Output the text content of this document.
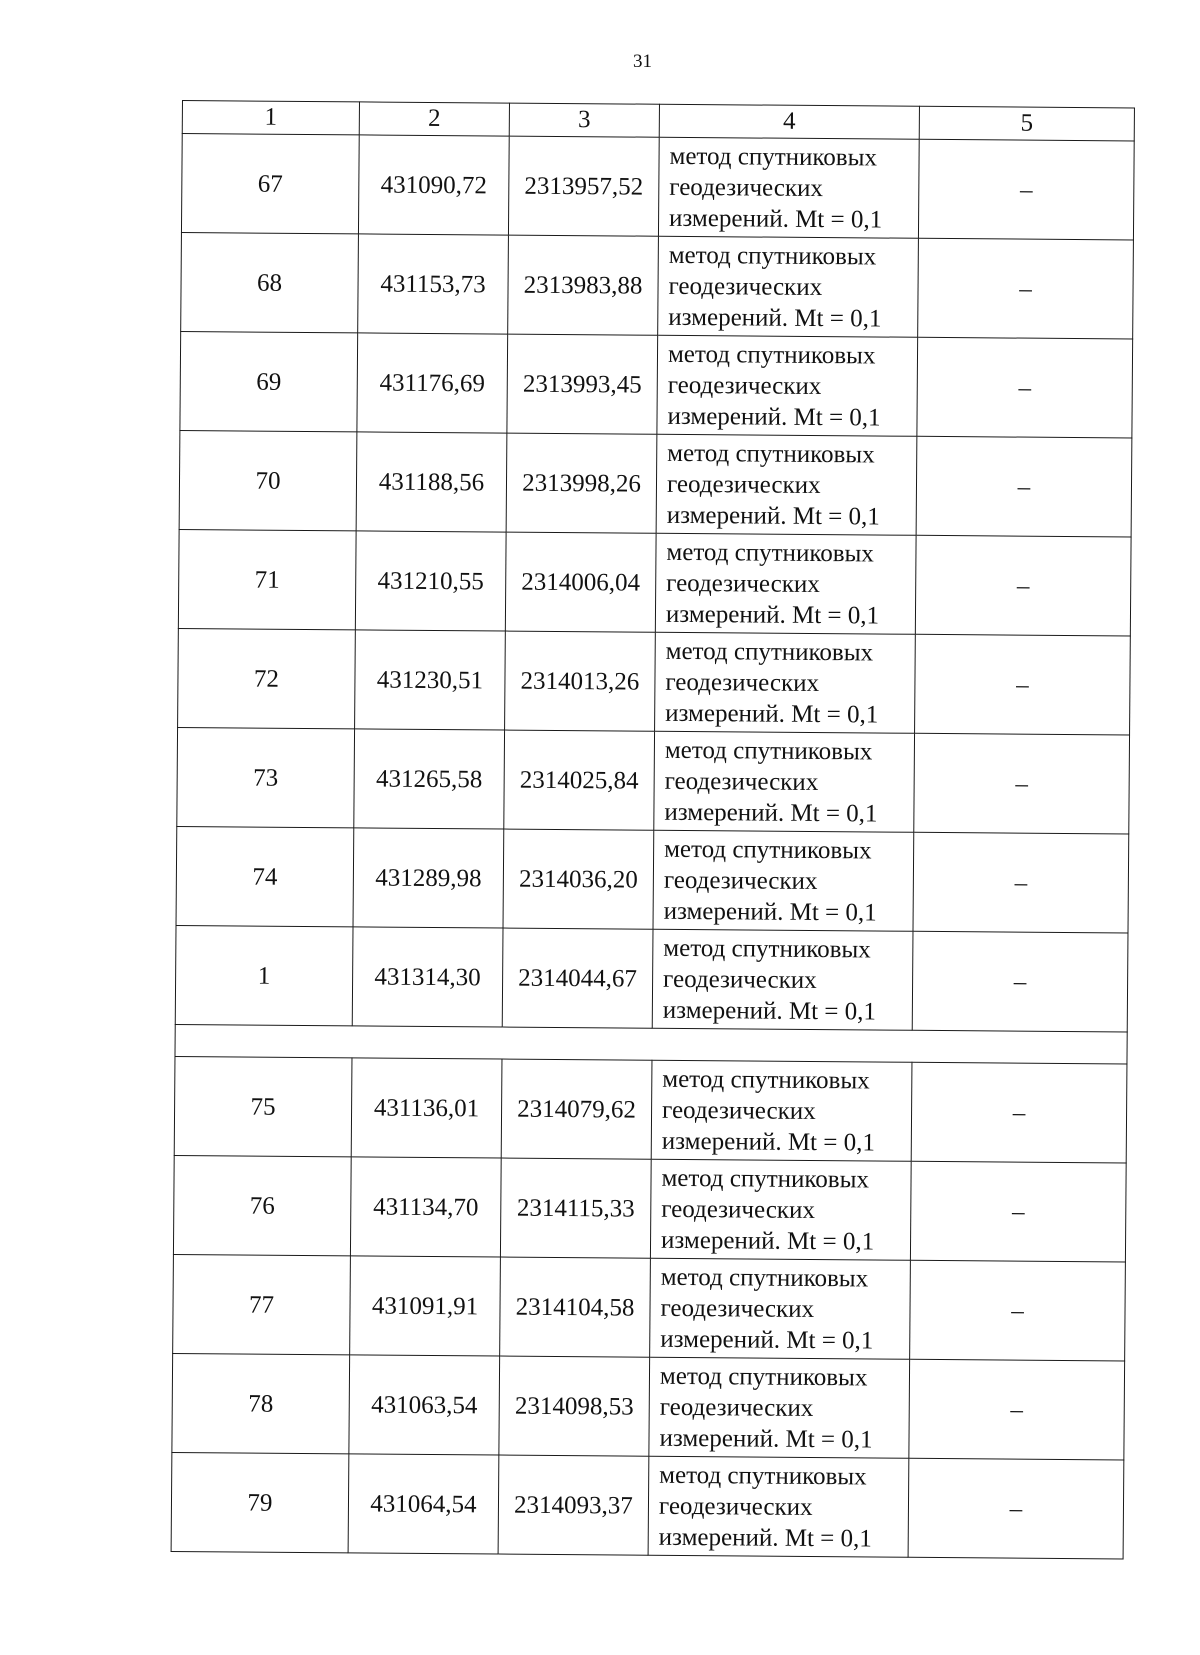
31
1	2	3	4	5
67	431090,72	2313957,52	метод спутниковых
геодезических
измерений. Mt = 0,1	–
68	431153,73	2313983,88	метод спутниковых
геодезических
измерений. Mt = 0,1	–
69	431176,69	2313993,45	метод спутниковых
геодезических
измерений. Mt = 0,1	–
70	431188,56	2313998,26	метод спутниковых
геодезических
измерений. Mt = 0,1	–
71	431210,55	2314006,04	метод спутниковых
геодезических
измерений. Mt = 0,1	–
72	431230,51	2314013,26	метод спутниковых
геодезических
измерений. Mt = 0,1	–
73	431265,58	2314025,84	метод спутниковых
геодезических
измерений. Mt = 0,1	–
74	431289,98	2314036,20	метод спутниковых
геодезических
измерений. Mt = 0,1	–
1	431314,30	2314044,67	метод спутниковых
геодезических
измерений. Mt = 0,1	–

75	431136,01	2314079,62	метод спутниковых
геодезических
измерений. Mt = 0,1	–
76	431134,70	2314115,33	метод спутниковых
геодезических
измерений. Mt = 0,1	–
77	431091,91	2314104,58	метод спутниковых
геодезических
измерений. Mt = 0,1	–
78	431063,54	2314098,53	метод спутниковых
геодезических
измерений. Mt = 0,1	–
79	431064,54	2314093,37	метод спутниковых
геодезических
измерений. Mt = 0,1	–
